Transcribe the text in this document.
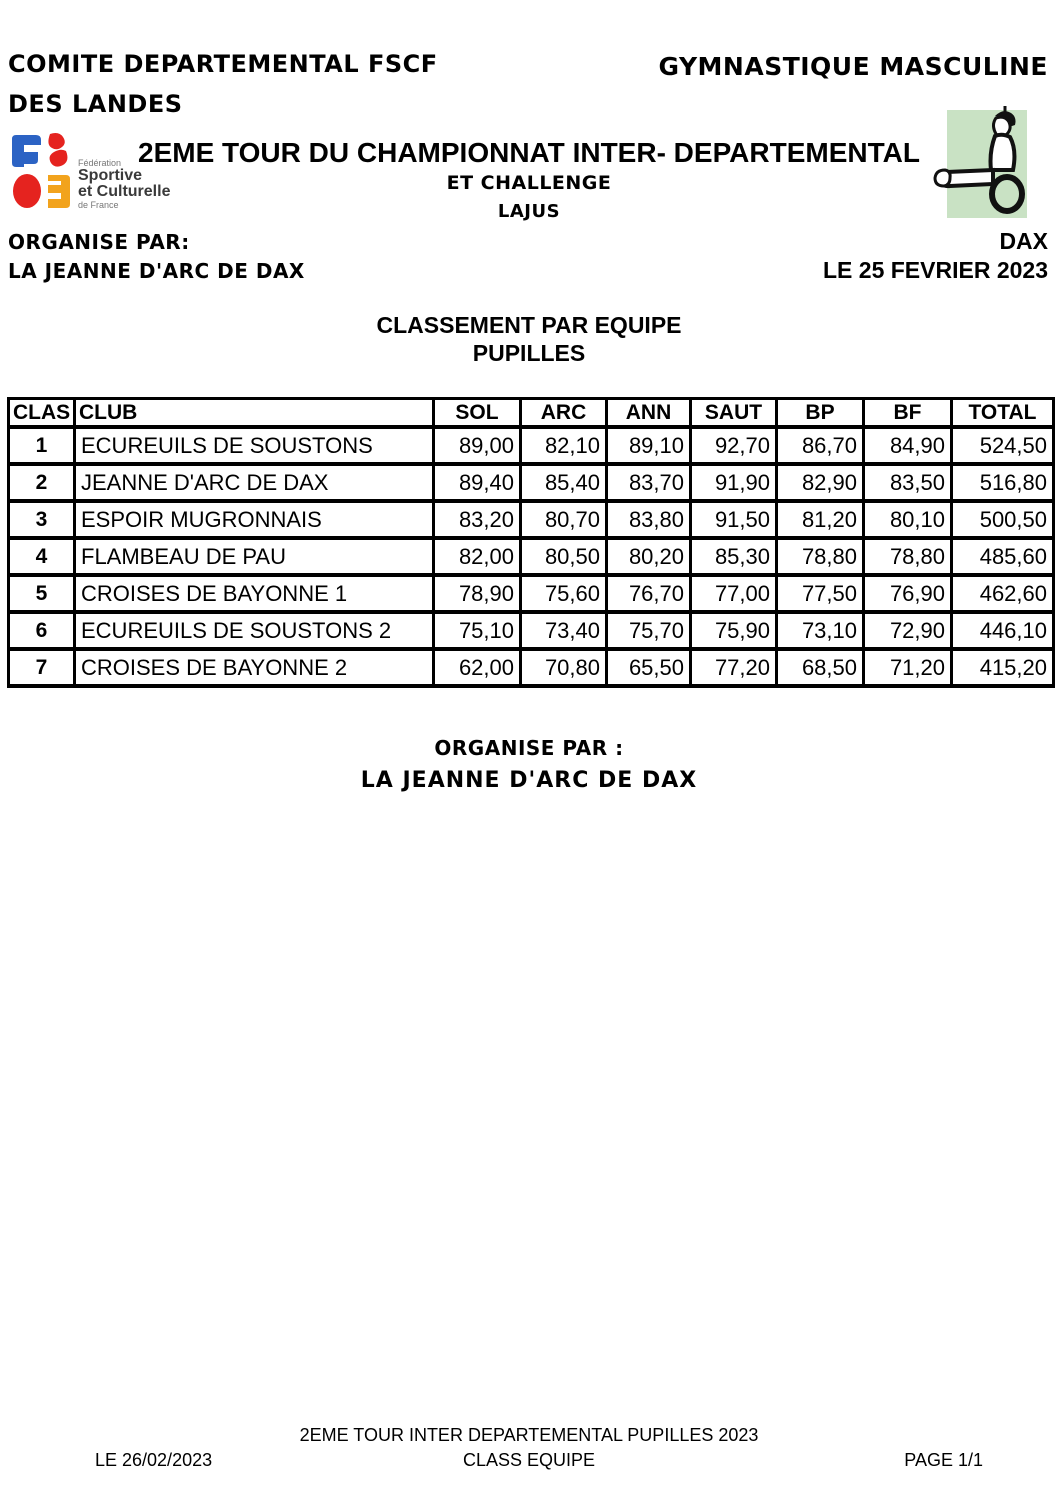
COMITE DEPARTEMENTAL FSCF
DES LANDES
GYMNASTIQUE MASCULINE
Fédération
Sportive
et Culturelle
de France
2EME TOUR DU CHAMPIONNAT INTER- DEPARTEMENTAL
ET CHALLENGE
LAJUS
ORGANISE PAR:
LA JEANNE D'ARC DE DAX
DAX
LE 25 FEVRIER 2023
CLASSEMENT PAR EQUIPE
PUPILLES
CLAS	CLUB	SOL	ARC	ANN	SAUT	BP	BF	TOTAL
1	ECUREUILS DE SOUSTONS	89,00	82,10	89,10	92,70	86,70	84,90	524,50
2	JEANNE D'ARC DE DAX	89,40	85,40	83,70	91,90	82,90	83,50	516,80
3	ESPOIR MUGRONNAIS	83,20	80,70	83,80	91,50	81,20	80,10	500,50
4	FLAMBEAU DE PAU	82,00	80,50	80,20	85,30	78,80	78,80	485,60
5	CROISES DE BAYONNE 1	78,90	75,60	76,70	77,00	77,50	76,90	462,60
6	ECUREUILS DE SOUSTONS 2	75,10	73,40	75,70	75,90	73,10	72,90	446,10
7	CROISES DE BAYONNE 2	62,00	70,80	65,50	77,20	68,50	71,20	415,20
ORGANISE PAR :
LA JEANNE D'ARC DE DAX
2EME TOUR INTER DEPARTEMENTAL PUPILLES 2023
LE 26/02/2023	CLASS EQUIPE	PAGE 1/1
